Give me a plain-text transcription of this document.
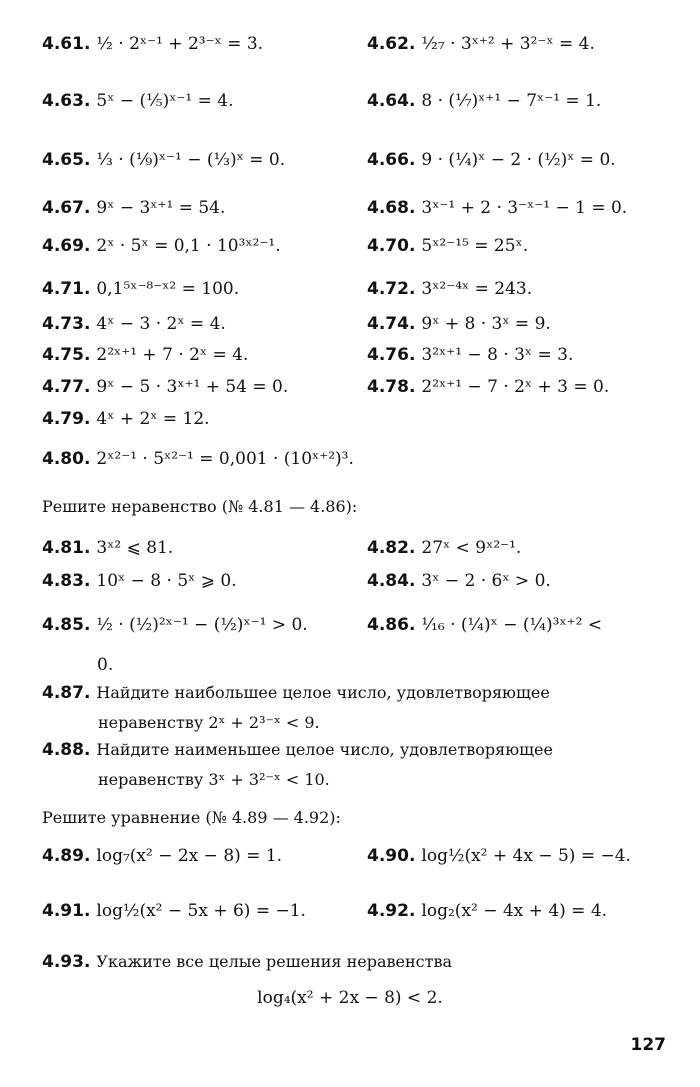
4.61. ½ · 2ˣ⁻¹ + 2³⁻ˣ = 3.	4.62. ¹⁄₂₇ · 3ˣ⁺² + 3²⁻ˣ = 4.
4.63. 5ˣ − (⅕)ˣ⁻¹ = 4.	4.64. 8 · (⅐)ˣ⁺¹ − 7ˣ⁻¹ = 1.
4.65. ⅓ · (⅑)ˣ⁻¹ − (⅓)ˣ = 0.	4.66. 9 · (¼)ˣ − 2 · (½)ˣ = 0.
4.67. 9ˣ − 3ˣ⁺¹ = 54.	4.68. 3ˣ⁻¹ + 2 · 3⁻ˣ⁻¹ − 1 = 0.
4.69. 2ˣ · 5ˣ = 0,1 · 10³ˣ²⁻¹.	4.70. 5ˣ²⁻¹⁵ = 25ˣ.
4.71. 0,1⁵ˣ⁻⁸⁻ˣ² = 100.	4.72. 3ˣ²⁻⁴ˣ = 243.
4.73. 4ˣ − 3 · 2ˣ = 4.	4.74. 9ˣ + 8 · 3ˣ = 9.
4.75. 2²ˣ⁺¹ + 7 · 2ˣ = 4.	4.76. 3²ˣ⁺¹ − 8 · 3ˣ = 3.
4.77. 9ˣ − 5 · 3ˣ⁺¹ + 54 = 0.	4.78. 2²ˣ⁺¹ − 7 · 2ˣ + 3 = 0.
4.79. 4ˣ + 2ˣ = 12.
4.80. 2ˣ²⁻¹ · 5ˣ²⁻¹ = 0,001 · (10ˣ⁺²)³.
Решите неравенство (№ 4.81 — 4.86):
4.81. 3ˣ² ⩽ 81.	4.82. 27ˣ < 9ˣ²⁻¹.
4.83. 10ˣ − 8 · 5ˣ ⩾ 0.	4.84. 3ˣ − 2 · 6ˣ > 0.
4.85. ½ · (½)²ˣ⁻¹ − (½)ˣ⁻¹ > 0.	4.86. ¹⁄₁₆ · (¼)ˣ − (¼)³ˣ⁺² <
0.
4.87. Найдите наибольшее целое число, удовлетворяющее
неравенству 2ˣ + 2³⁻ˣ < 9.
4.88. Найдите наименьшее целое число, удовлетворяющее
неравенству 3ˣ + 3²⁻ˣ < 10.
Решите уравнение (№ 4.89 — 4.92):
4.89. log₇(x² − 2x − 8) = 1.	4.90. log½(x² + 4x − 5) = −4.
4.91. log½(x² − 5x + 6) = −1.	4.92. log₂(x² − 4x + 4) = 4.
4.93. Укажите все целые решения неравенства
log₄(x² + 2x − 8) < 2.
127
